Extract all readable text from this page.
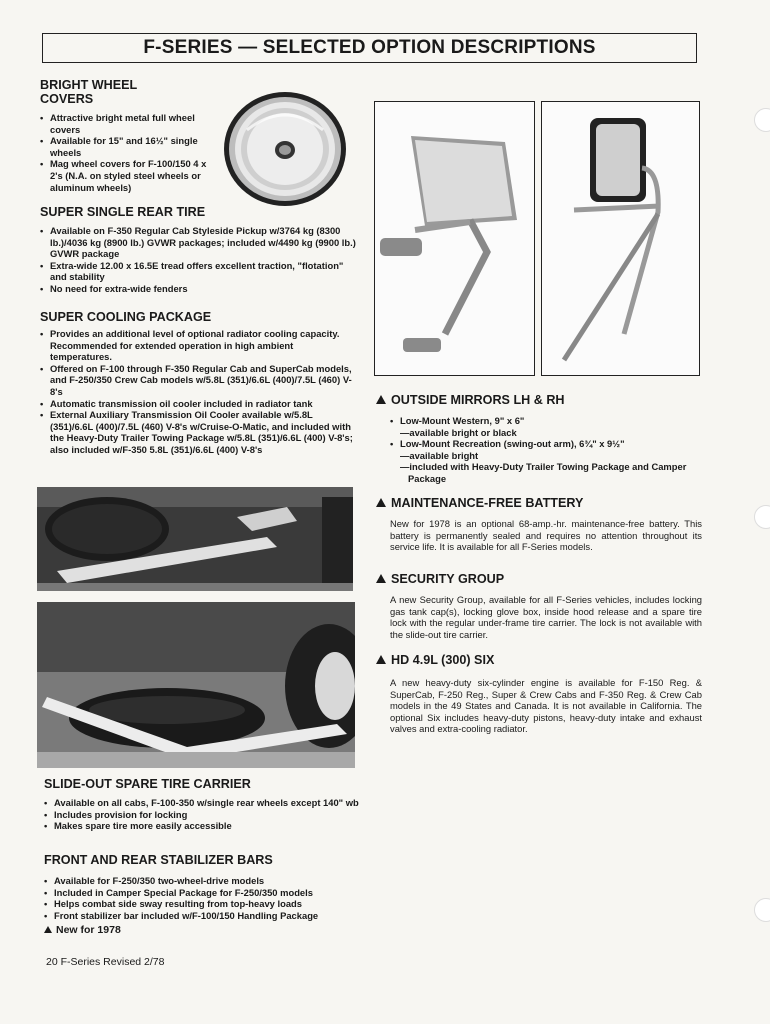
F-SERIES — SELECTED OPTION DESCRIPTIONS

BRIGHT WHEEL

COVERS

• Attractive bright metal full wheel covers
• Available for 15" and 16½" single wheels
• Mag wheel covers for F-100/150 4 x 2's (N.A. on styled steel wheels or aluminum wheels)

SUPER SINGLE REAR TIRE

• Available on F-350 Regular Cab Styleside Pickup w/3764 kg (8300 lb.)/4036 kg (8900 lb.) GVWR packages; included w/4490 kg (9900 lb.) GVWR package
• Extra-wide 12.00 x 16.5E tread offers excellent traction, "flotation" and stability
• No need for extra-wide fenders

SUPER COOLING PACKAGE

• Provides an additional level of optional radiator cooling capacity. Recommended for extended operation in high ambient temperatures.
• Offered on F-100 through F-350 Regular Cab and SuperCab models, and F-250/350 Crew Cab models w/5.8L (351)/6.6L (400)/7.5L (460) V-8's
• Automatic transmission oil cooler included in radiator tank
• External Auxiliary Transmission Oil Cooler available w/5.8L (351)/6.6L (400)/7.5L (460) V-8's w/Cruise-O-Matic, and included with the Heavy-Duty Trailer Towing Package w/5.8L (351)/6.6L (400) V-8's; also included w/F-350 5.8L (351)/6.6L (400) V-8's

SLIDE-OUT SPARE TIRE CARRIER

• Available on all cabs, F-100-350 w/single rear wheels except 140" wb
• Includes provision for locking
• Makes spare tire more easily accessible

FRONT AND REAR STABILIZER BARS

• Available for F-250/350 two-wheel-drive models
• Included in Camper Special Package for F-250/350 models
• Helps combat side sway resulting from top-heavy loads
• Front stabilizer bar included w/F-100/150 Handling Package
New for 1978

OUTSIDE MIRRORS LH & RH

• Low-Mount Western, 9" x 6"
—available bright or black
• Low-Mount Recreation (swing-out arm), 6¾" x 9½"
—available bright
—included with Heavy-Duty Trailer Towing Package and Camper Package

MAINTENANCE-FREE BATTERY

New for 1978 is an optional 68-amp.-hr. maintenance-free battery. This battery is permanently sealed and requires no attention throughout its service life. It is available for all F-Series models.

SECURITY GROUP

A new Security Group, available for all F-Series vehicles, includes locking gas tank cap(s), locking glove box, inside hood release and a spare tire lock with the regular under-frame tire carrier. The lock is not available with the slide-out tire carrier.

HD 4.9L (300) SIX

A new heavy-duty six-cylinder engine is available for F-150 Reg. & SuperCab, F-250 Reg., Super & Crew Cabs and F-350 Reg. & Crew Cab models in the 49 States and Canada. It is not available in California. The optional Six includes heavy-duty pistons, heavy-duty intake and exhaust valves and extra-cooling radiator.

20 F-Series Revised 2/78
